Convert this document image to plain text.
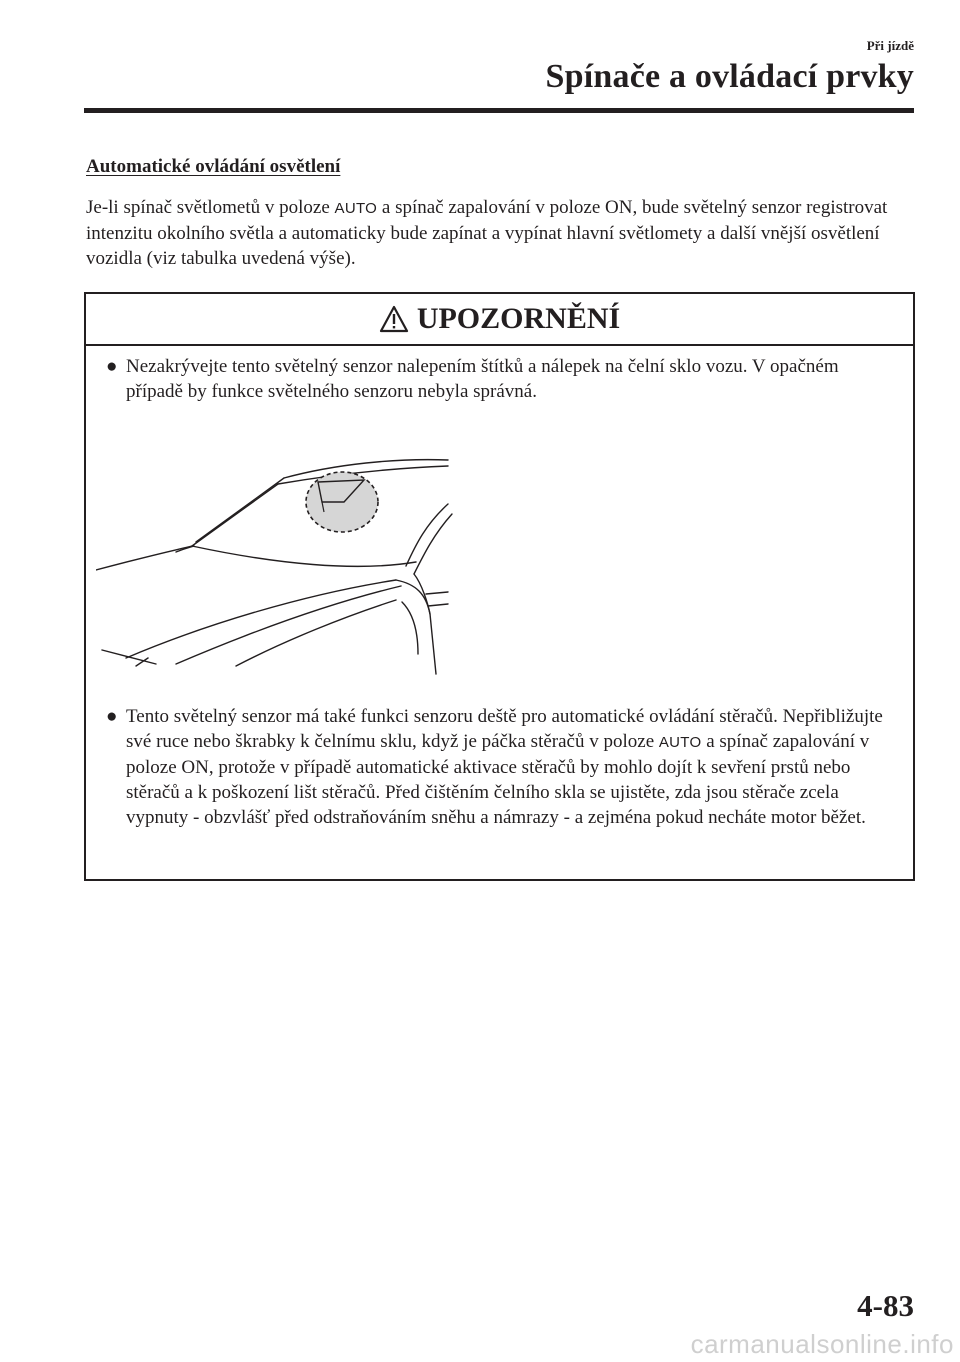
Při jízdě
Spínače a ovládací prvky
Automatické ovládání osvětlení

Je-li spínač světlometů v poloze AUTO a spínač zapalování v poloze ON, bude světelný senzor registrovat intenzitu okolního světla a automaticky bude zapínat a vypínat hlavní světlomety a další vnější osvětlení vozidla (viz tabulka uvedená výše).

UPOZORNĚNÍ
● Nezakrývejte tento světelný senzor nalepením štítků a nálepek na čelní sklo vozu. V opačném případě by funkce světelného senzoru nebyla správná.
● Tento světelný senzor má také funkci senzoru deště pro automatické ovládání stěračů. Nepřibližujte své ruce nebo škrabky k čelnímu sklu, když je páčka stěračů v poloze AUTO a spínač zapalování v poloze ON, protože v případě automatické aktivace stěračů by mohlo dojít k sevření prstů nebo stěračů a k poškození lišt stěračů. Před čištěním čelního skla se ujistěte, zda jsou stěrače zcela vypnuty - obzvlášť před odstraňováním sněhu a námrazy - a zejména pokud necháte motor běžet.
4-83
carmanualsonline.info
